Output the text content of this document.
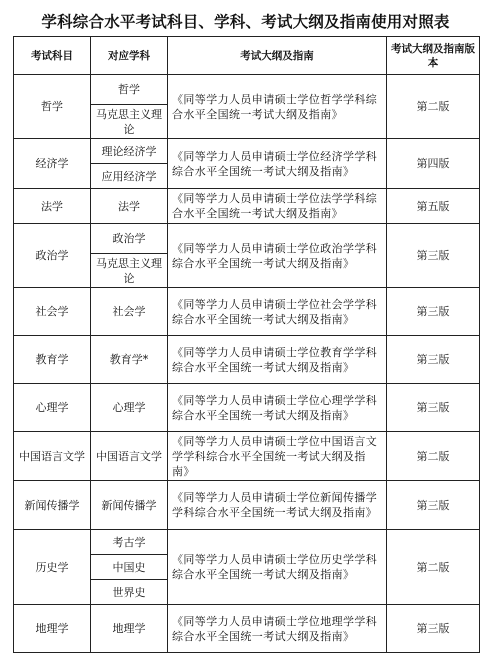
学科综合水平考试科目、学科、考试大纲及指南使用对照表
考试科目	对应学科	考试大纲及指南	考试大纲及指南版本
哲学	哲学	《同等学力人员申请硕士学位哲学学科综合水平全国统一考试大纲及指南》	第二版
	马克思主义理论		
经济学	理论经济学	《同等学力人员申请硕士学位经济学学科综合水平全国统一考试大纲及指南》	第四版
	应用经济学		
法学	法学	《同等学力人员申请硕士学位法学学科综合水平全国统一考试大纲及指南》	第五版
政治学	政治学	《同等学力人员申请硕士学位政治学学科综合水平全国统一考试大纲及指南》	第三版
	马克思主义理论		
社会学	社会学	《同等学力人员申请硕士学位社会学学科综合水平全国统一考试大纲及指南》	第三版
教育学	教育学*	《同等学力人员申请硕士学位教育学学科综合水平全国统一考试大纲及指南》	第三版
心理学	心理学	《同等学力人员申请硕士学位心理学学科综合水平全国统一考试大纲及指南》	第三版
中国语言文学	中国语言文学	《同等学力人员申请硕士学位中国语言文学学科综合水平全国统一考试大纲及指南》	第二版
新闻传播学	新闻传播学	《同等学力人员申请硕士学位新闻传播学学科综合水平全国统一考试大纲及指南》	第三版
历史学	考古学	《同等学力人员申请硕士学位历史学学科综合水平全国统一考试大纲及指南》	第二版
	中国史		
	世界史		
地理学	地理学	《同等学力人员申请硕士学位地理学学科综合水平全国统一考试大纲及指南》	第三版
